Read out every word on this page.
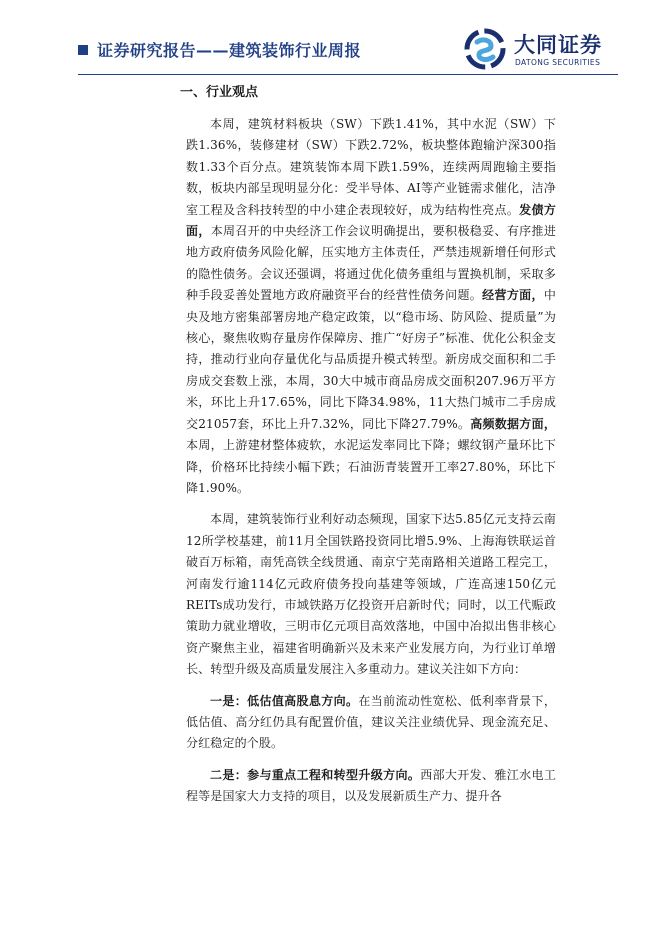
证券研究报告——建筑装饰行业周报	大同证券
DATONG SECURITIES
一、行业观点

本周，建筑材料板块（SW）下跌1.41%，其中水泥（SW）下跌1.36%，装修建材（SW）下跌2.72%，板块整体跑输沪深300指数1.33个百分点。建筑装饰本周下跌1.59%，连续两周跑输主要指数，板块内部呈现明显分化：受半导体、AI等产业链需求催化，洁净室工程及含科技转型的中小建企表现较好，成为结构性亮点。发债方面，本周召开的中央经济工作会议明确提出，要积极稳妥、有序推进地方政府债务风险化解，压实地方主体责任，严禁违规新增任何形式的隐性债务。会议还强调，将通过优化债务重组与置换机制，采取多种手段妥善处置地方政府融资平台的经营性债务问题。经营方面，中央及地方密集部署房地产稳定政策，以“稳市场、防风险、提质量”为核心，聚焦收购存量房作保障房、推广“好房子”标准、优化公积金支持，推动行业向存量优化与品质提升模式转型。新房成交面积和二手房成交套数上涨，本周，30大中城市商品房成交面积207.96万平方米，环比上升17.65%，同比下降34.98%，11大热门城市二手房成交21057套，环比上升7.32%，同比下降27.79%。高频数据方面，本周，上游建材整体疲软，水泥运发率同比下降；螺纹钢产量环比下降，价格环比持续小幅下跌；石油沥青装置开工率27.80%，环比下降1.90%。

本周，建筑装饰行业利好动态频现，国家下达5.85亿元支持云南12所学校基建，前11月全国铁路投资同比增5.9%、上海海铁联运首破百万标箱，南凭高铁全线贯通、南京宁芜南路相关道路工程完工，河南发行逾114亿元政府债务投向基建等领域，广连高速150亿元REITs成功发行，市域铁路万亿投资开启新时代；同时，以工代赈政策助力就业增收，三明市亿元项目高效落地，中国中冶拟出售非核心资产聚焦主业，福建省明确新兴及未来产业发展方向，为行业订单增长、转型升级及高质量发展注入多重动力。建议关注如下方向：

一是：低估值高股息方向。在当前流动性宽松、低利率背景下，低估值、高分红仍具有配置价值，建议关注业绩优异、现金流充足、分红稳定的个股。

二是：参与重点工程和转型升级方向。西部大开发、雅江水电工程等是国家大力支持的项目，以及发展新质生产力、提升各
